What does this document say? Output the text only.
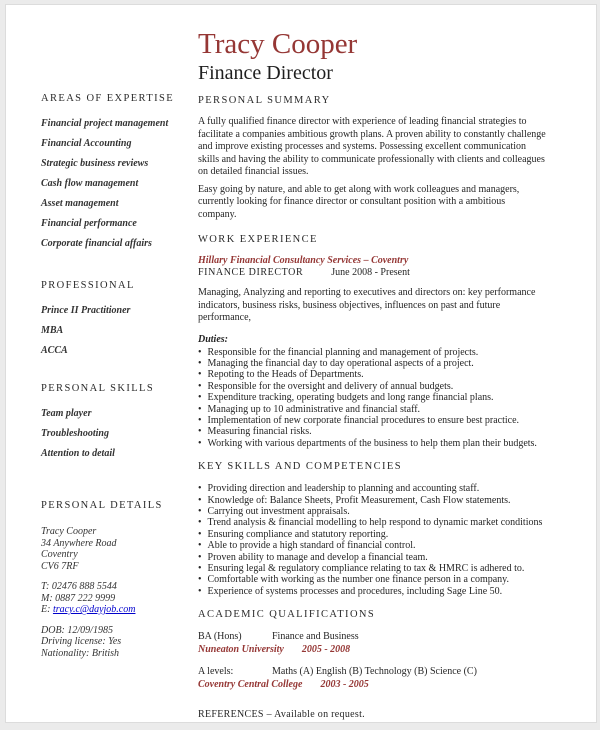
AREAS OF EXPERTISE
Financial project management
Financial Accounting
Strategic business reviews
Cash flow management
Asset management
Financial performance
Corporate financial affairs
PROFESSIONAL
Prince II Practitioner
MBA
ACCA
PERSONAL SKILLS
Team player
Troubleshooting
Attention to detail
PERSONAL DETAILS
Tracy Cooper
34 Anywhere Road
Coventry
CV6 7RF
T: 02476 888 5544
M: 0887 222 9999
E: tracy.c@dayjob.com
DOB: 12/09/1985
Driving license: Yes
Nationality: British
Tracy Cooper
Finance Director
PERSONAL SUMMARY

A fully qualified finance director with experience of leading financial strategies to facilitate a companies ambitious growth plans. A proven ability to constantly challenge and improve existing processes and systems. Possessing excellent communication skills and having the ability to communicate professionally with clients and colleagues on detailed financial issues.

Easy going by nature, and able to get along with work colleagues and managers, currently looking for finance director or consultant position with a ambitious company.

WORK EXPERIENCE
Hillary Financial Consultancy Services – Coventry
FINANCE DIRECTOR	June 2008 - Present

Managing, Analyzing and reporting to executives and directors on: key performance indicators, business risks, business objectives, influences on past and future performance,

Duties:
• Responsible for the financial planning and management of projects.
• Managing the financial day to day operational aspects of a project.
• Repoting to the Heads of Departments.
• Responsible for the oversight and delivery of annual budgets.
• Expenditure tracking, operating budgets and long range financial plans.
• Managing up to 10 administrative and financial staff.
• Implementation of new corporate financial procedures to ensure best practice.
• Measuring financial risks.
• Working with various departments of the business to help them plan their budgets.
KEY SKILLS AND COMPETENCIES
• Providing direction and leadership to planning and accounting staff.
• Knowledge of: Balance Sheets, Profit Measurement, Cash Flow statements.
• Carrying out investment appraisals.
• Trend analysis & financial modelling to help respond to dynamic market conditions
• Ensuring compliance and statutory reporting.
• Able to provide a high standard of financial control.
• Proven ability to manage and develop a financial team.
• Ensuring legal & regulatory compliance relating to tax & HMRC is adhered to.
• Comfortable with working as the number one finance person in a company.
• Experience of systems processes and procedures, including Sage Line 50.
ACADEMIC QUALIFICATIONS
BA (Hons)	Finance and Business
Nuneaton University 2005 - 2008
A levels:	Maths (A) English (B) Technology (B) Science (C)
Coventry Central College 2003 - 2005
REFERENCES – Available on request.
